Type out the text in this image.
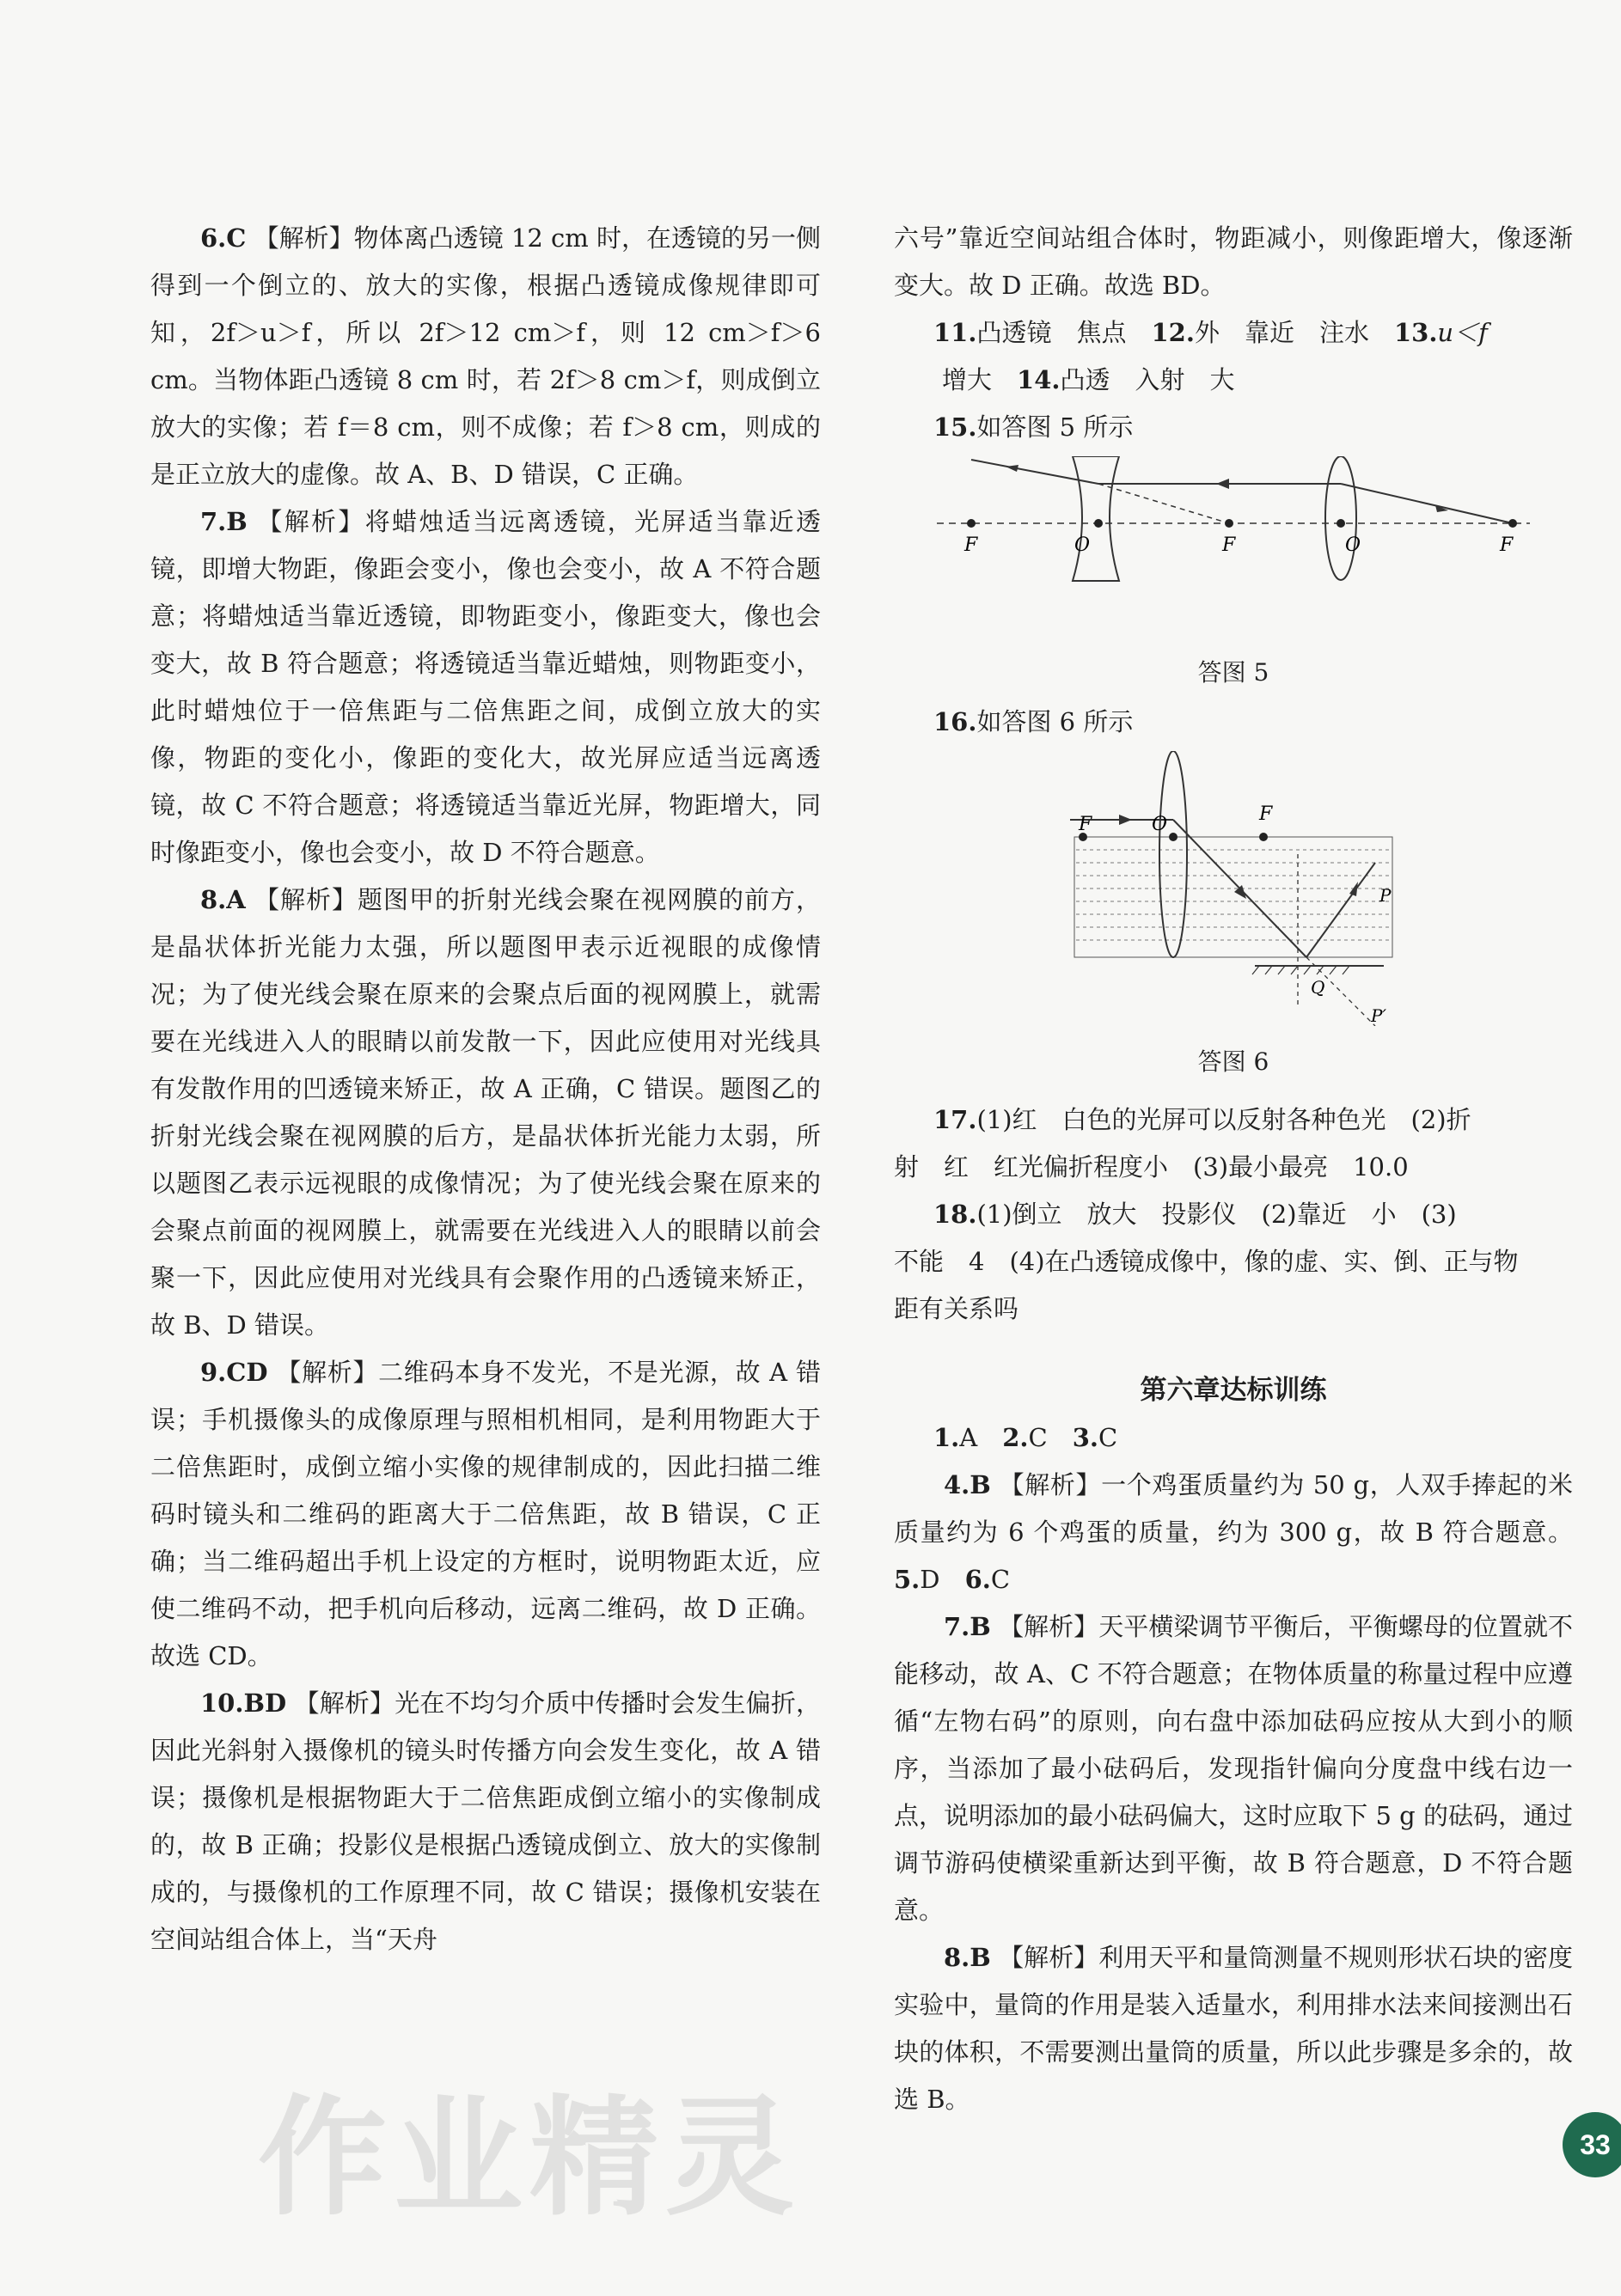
6.C 【解析】物体离凸透镜 12 cm 时，在透镜的另一侧得到一个倒立的、放大的实像，根据凸透镜成像规律即可知，2f＞u＞f，所以 2f＞12 cm＞f，则 12 cm＞f＞6 cm。当物体距凸透镜 8 cm 时，若 2f＞8 cm＞f，则成倒立放大的实像；若 f＝8 cm，则不成像；若 f＞8 cm，则成的是正立放大的虚像。故 A、B、D 错误，C 正确。

7.B 【解析】将蜡烛适当远离透镜，光屏适当靠近透镜，即增大物距，像距会变小，像也会变小，故 A 不符合题意；将蜡烛适当靠近透镜，即物距变小，像距变大，像也会变大，故 B 符合题意；将透镜适当靠近蜡烛，则物距变小，此时蜡烛位于一倍焦距与二倍焦距之间，成倒立放大的实像，物距的变化小，像距的变化大，故光屏应适当远离透镜，故 C 不符合题意；将透镜适当靠近光屏，物距增大，同时像距变小，像也会变小，故 D 不符合题意。

8.A 【解析】题图甲的折射光线会聚在视网膜的前方，是晶状体折光能力太强，所以题图甲表示近视眼的成像情况；为了使光线会聚在原来的会聚点后面的视网膜上，就需要在光线进入人的眼睛以前发散一下，因此应使用对光线具有发散作用的凹透镜来矫正，故 A 正确，C 错误。题图乙的折射光线会聚在视网膜的后方，是晶状体折光能力太弱，所以题图乙表示远视眼的成像情况；为了使光线会聚在原来的会聚点前面的视网膜上，就需要在光线进入人的眼睛以前会聚一下，因此应使用对光线具有会聚作用的凸透镜来矫正，故 B、D 错误。

9.CD 【解析】二维码本身不发光，不是光源，故 A 错误；手机摄像头的成像原理与照相机相同，是利用物距大于二倍焦距时，成倒立缩小实像的规律制成的，因此扫描二维码时镜头和二维码的距离大于二倍焦距，故 B 错误，C 正确；当二维码超出手机上设定的方框时，说明物距太近，应使二维码不动，把手机向后移动，远离二维码，故 D 正确。故选 CD。

10.BD 【解析】光在不均匀介质中传播时会发生偏折，因此光斜射入摄像机的镜头时传播方向会发生变化，故 A 错误；摄像机是根据物距大于二倍焦距成倒立缩小的实像制成的，故 B 正确；投影仪是根据凸透镜成倒立、放大的实像制成的，与摄像机的工作原理不同，故 C 错误；摄像机安装在空间站组合体上，当“天舟

六号”靠近空间站组合体时，物距减小，则像距增大，像逐渐变大。故 D 正确。故选 BD。

11.凸透镜　焦点　 12.外　靠近　注水　 13.u＜f

增大　 14.凸透　入射　大

15.如答图 5 所示

F	O	F	O	F
答图 5

16.如答图 6 所示

F	O	F
P
Q
P′
答图 6

17.(1)红　白色的光屏可以反射各种色光　(2)折

射　红　红光偏折程度小　(3)最小最亮　10.0

18.(1)倒立　放大　投影仪　(2)靠近　小　(3)

不能　4　(4)在凸透镜成像中，像的虚、实、倒、正与物

距有关系吗

第六章达标训练

1.A　 2.C　 3.C

4.B 【解析】一个鸡蛋质量约为 50 g，人双手捧起的米质量约为 6 个鸡蛋的质量，约为 300 g，故 B 符合题意。5.D　 6.C

7.B 【解析】天平横梁调节平衡后，平衡螺母的位置就不能移动，故 A、C 不符合题意；在物体质量的称量过程中应遵循“左物右码”的原则，向右盘中添加砝码应按从大到小的顺序，当添加了最小砝码后，发现指针偏向分度盘中线右边一点，说明添加的最小砝码偏大，这时应取下 5 g 的砝码，通过调节游码使横梁重新达到平衡，故 B 符合题意，D 不符合题意。

8.B 【解析】利用天平和量筒测量不规则形状石块的密度实验中，量筒的作用是装入适量水，利用排水法来间接测出石块的体积，不需要测出量筒的质量，所以此步骤是多余的，故选 B。

作业精灵	33
